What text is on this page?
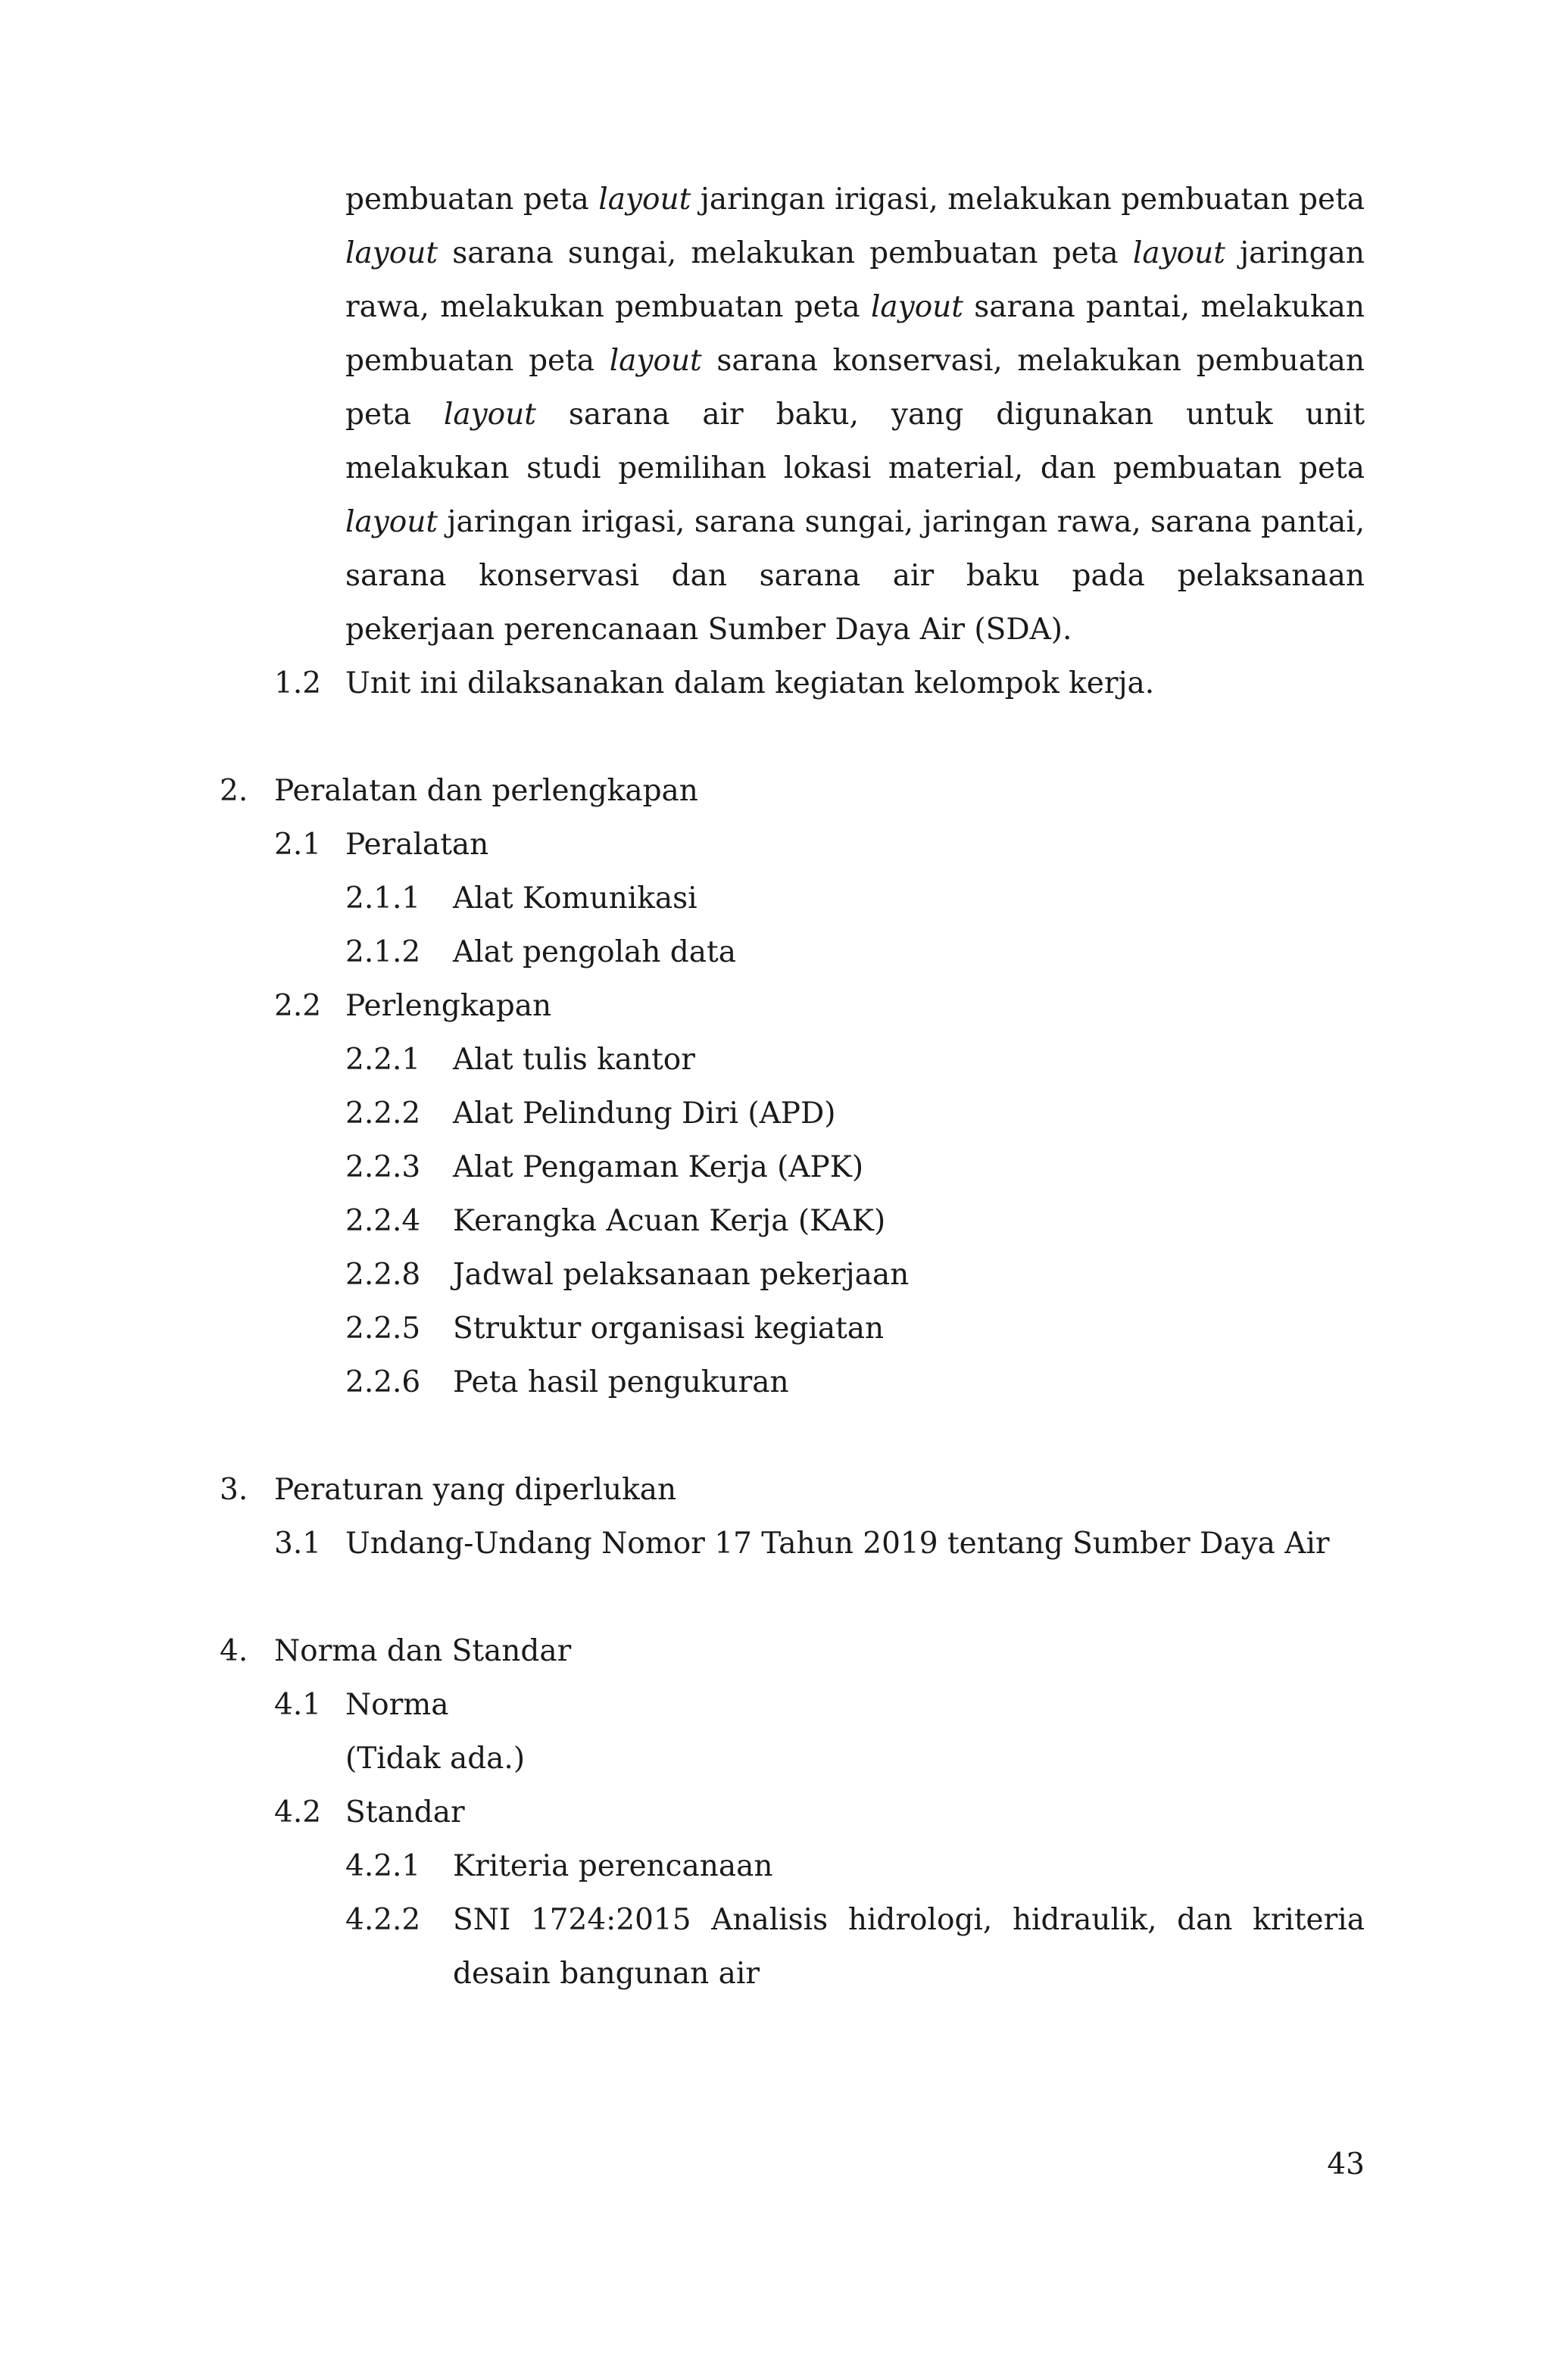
pembuatan peta layout jaringan irigasi, melakukan pembuatan peta
layout sarana sungai, melakukan pembuatan peta layout jaringan
rawa, melakukan pembuatan peta layout sarana pantai, melakukan
pembuatan peta layout sarana konservasi, melakukan pembuatan
peta layout sarana air baku, yang digunakan untuk unit
melakukan studi pemilihan lokasi material, dan pembuatan peta
layout jaringan irigasi, sarana sungai, jaringan rawa, sarana pantai,
sarana konservasi dan sarana air baku pada pelaksanaan
pekerjaan perencanaan Sumber Daya Air (SDA).
1.2 Unit ini dilaksanakan dalam kegiatan kelompok kerja.
2. Peralatan dan perlengkapan
2.1 Peralatan
2.1.1 Alat Komunikasi
2.1.2 Alat pengolah data
2.2 Perlengkapan
2.2.1 Alat tulis kantor
2.2.2 Alat Pelindung Diri (APD)
2.2.3 Alat Pengaman Kerja (APK)
2.2.4 Kerangka Acuan Kerja (KAK)
2.2.8 Jadwal pelaksanaan pekerjaan
2.2.5 Struktur organisasi kegiatan
2.2.6 Peta hasil pengukuran
3. Peraturan yang diperlukan
3.1 Undang-Undang Nomor 17 Tahun 2019 tentang Sumber Daya Air
4. Norma dan Standar
4.1 Norma
(Tidak ada.)
4.2 Standar
4.2.1 Kriteria perencanaan
4.2.2 SNI 1724:2015 Analisis hidrologi, hidraulik, dan kriteria
desain bangunan air
43
